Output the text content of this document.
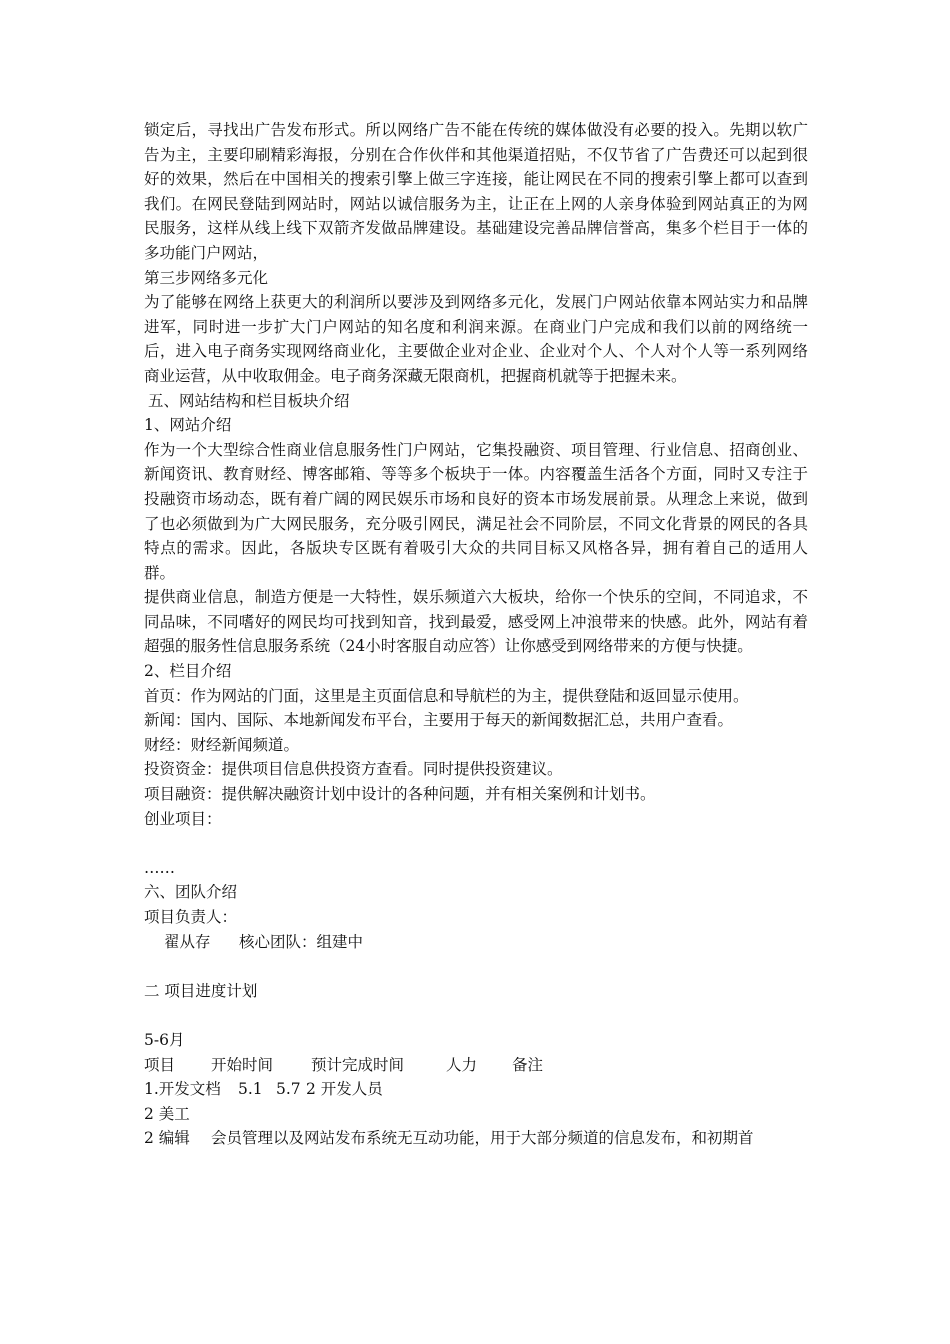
锁定后，寻找出广告发布形式。所以网络广告不能在传统的媒体做没有必要的投入。先期以软广告为主，主要印刷精彩海报，分别在合作伙伴和其他渠道招贴，不仅节省了广告费还可以起到很好的效果，然后在中国相关的搜索引擎上做三字连接，能让网民在不同的搜索引擎上都可以查到我们。在网民登陆到网站时，网站以诚信服务为主，让正在上网的人亲身体验到网站真正的为网民服务，这样从线上线下双箭齐发做品牌建设。基础建设完善品牌信誉高，集多个栏目于一体的多功能门户网站，

第三步网络多元化

为了能够在网络上获更大的利润所以要涉及到网络多元化，发展门户网站依靠本网站实力和品牌进军，同时进一步扩大门户网站的知名度和利润来源。在商业门户完成和我们以前的网络统一后，进入电子商务实现网络商业化，主要做企业对企业、企业对个人、个人对个人等一系列网络商业运营，从中收取佣金。电子商务深藏无限商机，把握商机就等于把握未来。

五、网站结构和栏目板块介绍
1、网站介绍

作为一个大型综合性商业信息服务性门户网站，它集投融资、项目管理、行业信息、招商创业、新闻资讯、教育财经、博客邮箱、等等多个板块于一体。内容覆盖生活各个方面，同时又专注于投融资市场动态，既有着广阔的网民娱乐市场和良好的资本市场发展前景。从理念上来说，做到了也必须做到为广大网民服务，充分吸引网民，满足社会不同阶层，不同文化背景的网民的各具特点的需求。因此，各版块专区既有着吸引大众的共同目标又风格各异，拥有着自己的适用人群。

提供商业信息，制造方便是一大特性，娱乐频道六大板块，给你一个快乐的空间，不同追求，不同品味，不同嗜好的网民均可找到知音，找到最爱，感受网上冲浪带来的快感。此外，网站有着超强的服务性信息服务系统（24小时客服自动应答）让你感受到网络带来的方便与快捷。

2、栏目介绍
首页：作为网站的门面，这里是主页面信息和导航栏的为主，提供登陆和返回显示使用。
新闻：国内、国际、本地新闻发布平台，主要用于每天的新闻数据汇总，共用户查看。
财经：财经新闻频道。
投资资金：提供项目信息供投资方查看。同时提供投资建议。
项目融资：提供解决融资计划中设计的各种问题，并有相关案例和计划书。
创业项目：
……
六、团队介绍
项目负责人：
翟从存 核心团队：组建中
二 项目进度计划
5-6月
项目 开始时间 预计完成时间	人力 备注
1.开发文档 5.1 5.7 2 开发人员
2 美工
2 编辑 会员管理以及网站发布系统无互动功能，用于大部分频道的信息发布，和初期首
